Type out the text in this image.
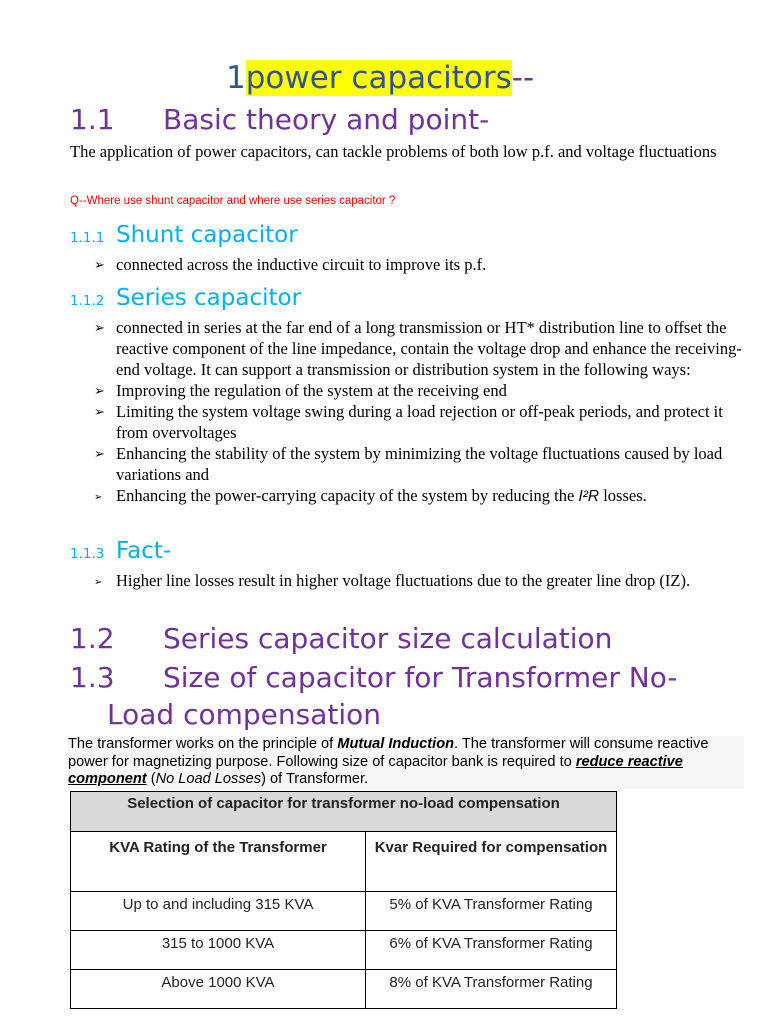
1power capacitors--
1.1 Basic theory and point-
The application of power capacitors, can tackle problems of both low p.f. and voltage fluctuations
Q--Where use shunt capacitor and where use series capacitor ?
1.1.1 Shunt capacitor
➢ connected across the inductive circuit to improve its p.f.
1.1.2 Series capacitor
➢ connected in series at the far end of a long transmission or HT* distribution line to offset the reactive component of the line impedance, contain the voltage drop and enhance the receiving-end voltage. It can support a transmission or distribution system in the following ways:
➢ Improving the regulation of the system at the receiving end
➢ Limiting the system voltage swing during a load rejection or off-peak periods, and protect it from overvoltages
➢ Enhancing the stability of the system by minimizing the voltage fluctuations caused by load variations and
➢ Enhancing the power-carrying capacity of the system by reducing the I²R losses.
1.1.3 Fact-
➢ Higher line losses result in higher voltage fluctuations due to the greater line drop (IZ).
1.2 Series capacitor size calculation
1.3 Size of capacitor for Transformer No-
Load compensation
The transformer works on the principle of Mutual Induction. The transformer will consume reactive power for magnetizing purpose. Following size of capacitor bank is required to reduce reactive component (No Load Losses) of Transformer.
Selection of capacitor for transformer no-load compensation	
KVA Rating of the Transformer	Kvar Required for compensation
Up to and including 315 KVA	5% of KVA Transformer Rating
315 to 1000 KVA	6% of KVA Transformer Rating
Above 1000 KVA	8% of KVA Transformer Rating
